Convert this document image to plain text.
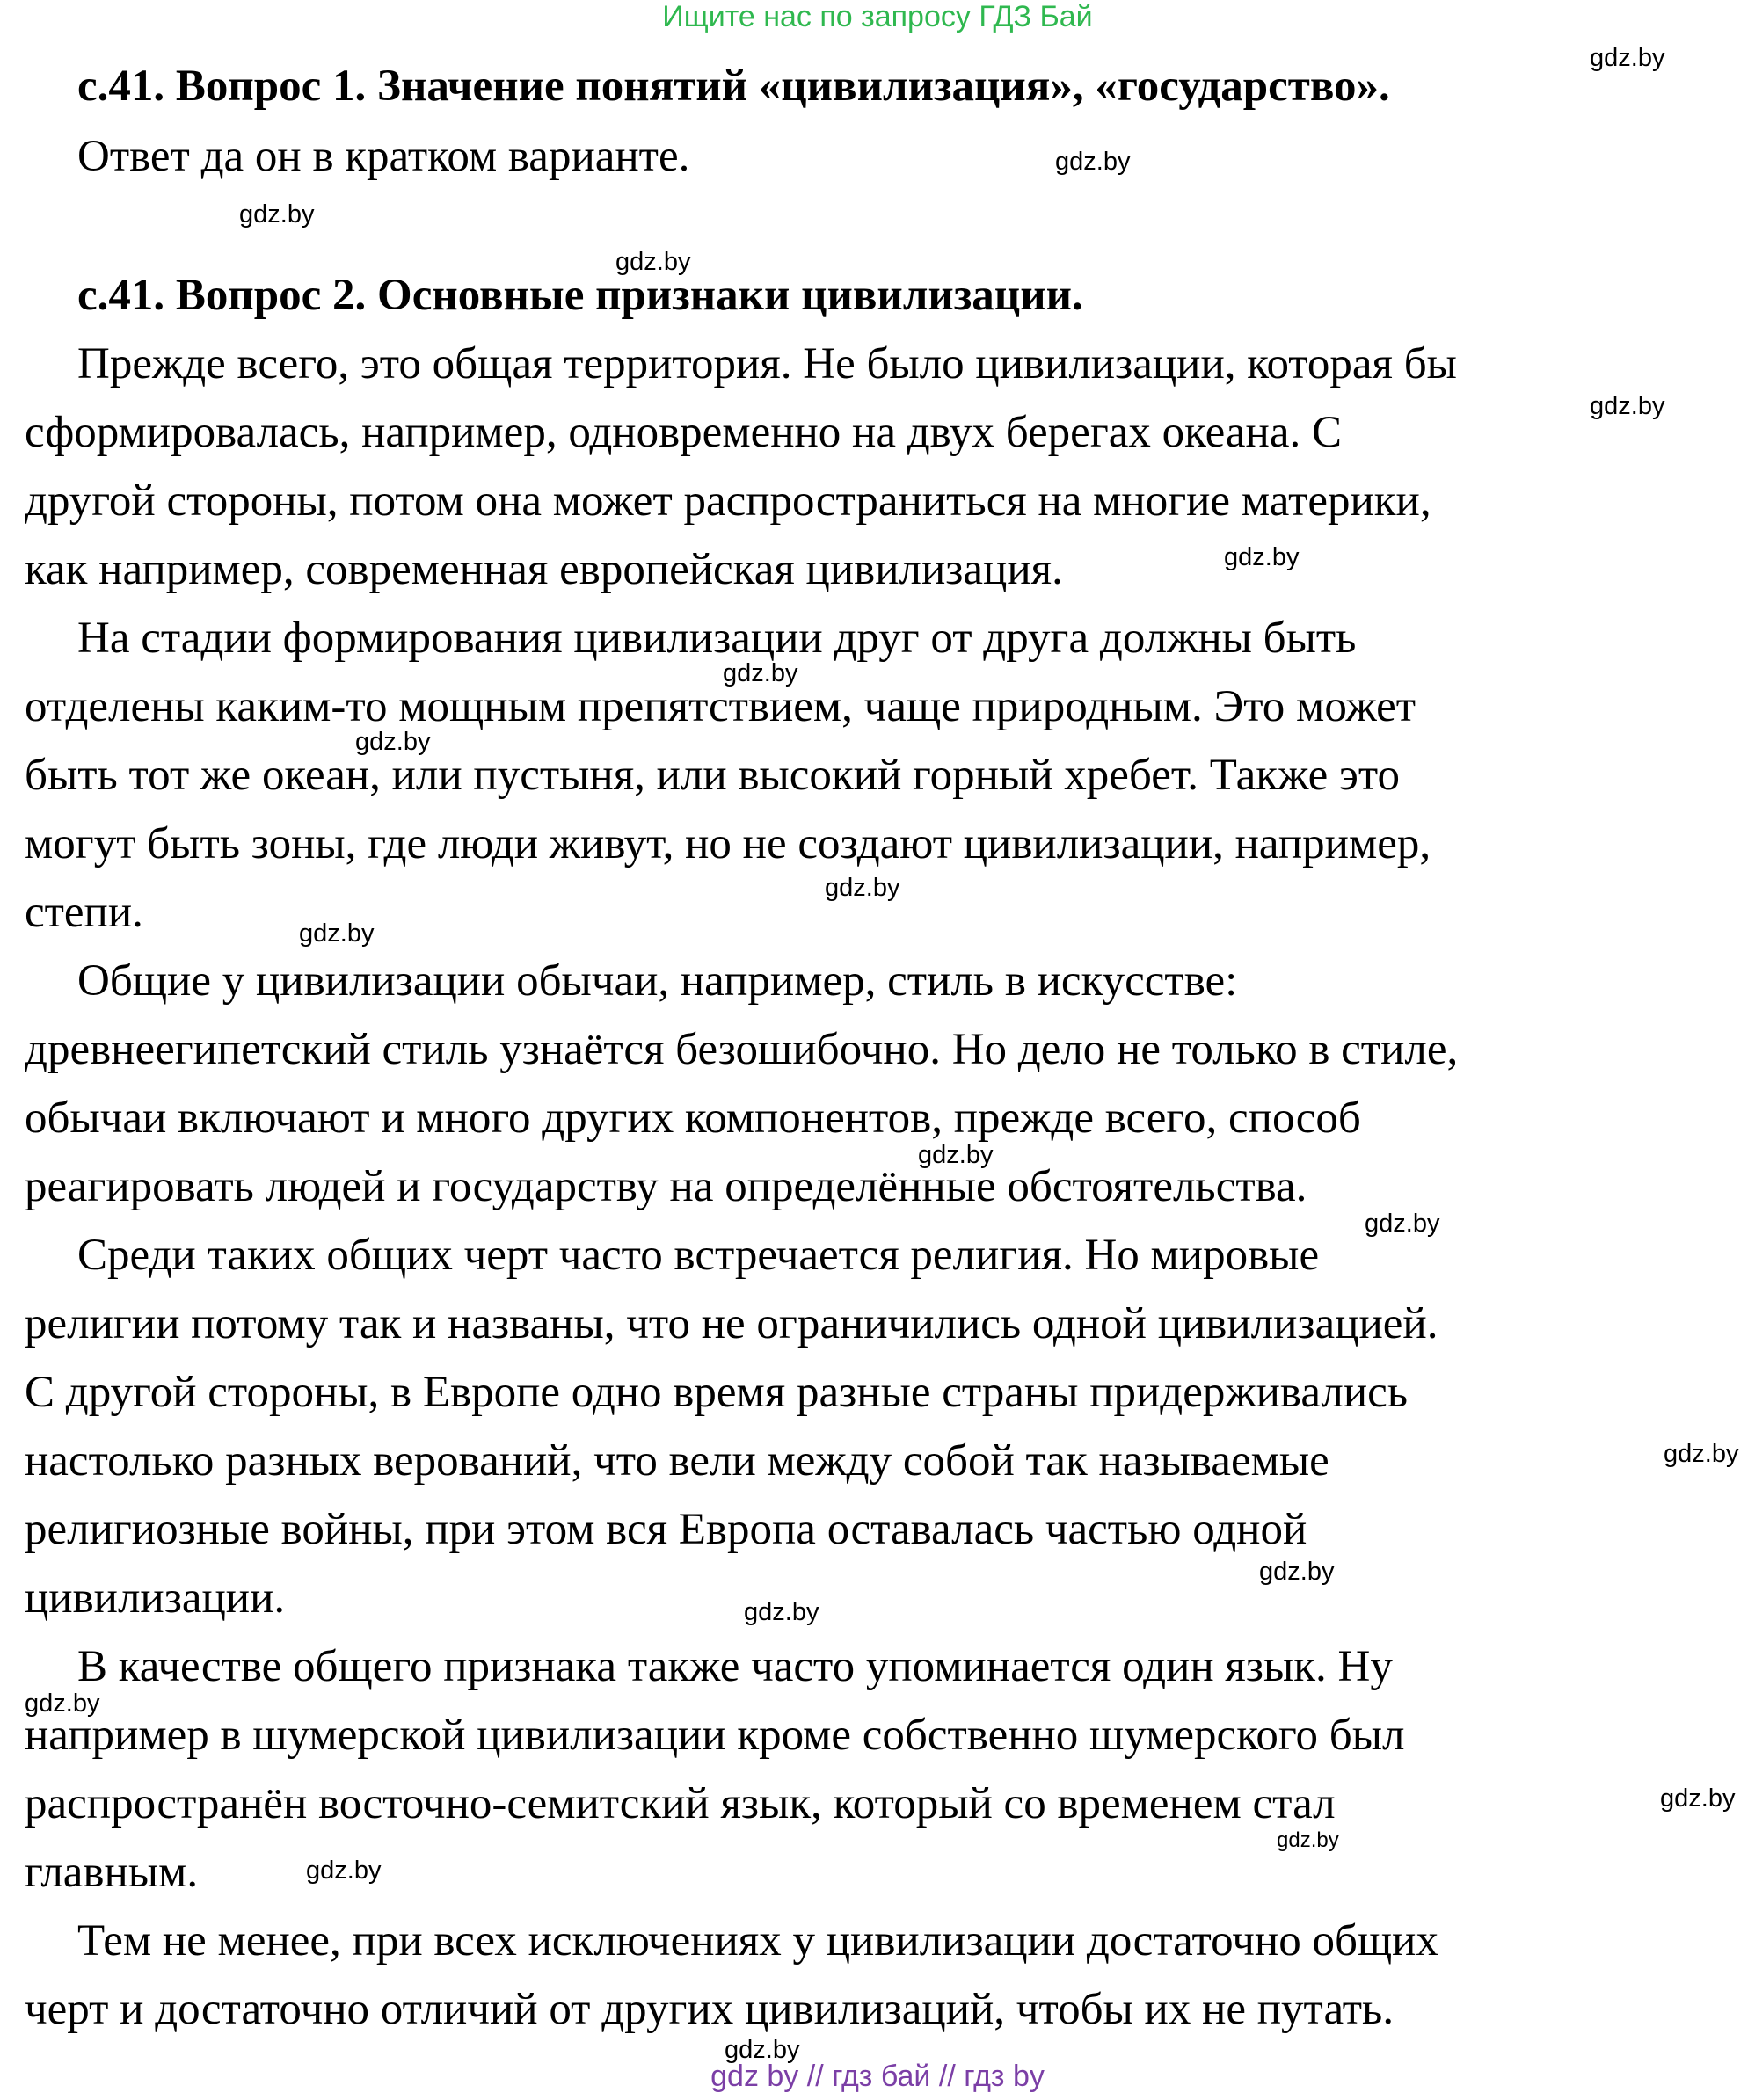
Ищите нас по запросу ГДЗ Бай
с.41. Вопрос 1. Значение понятий «цивилизация», «государство».
Ответ да он в кратком варианте.
с.41. Вопрос 2. Основные признаки цивилизации.
Прежде всего, это общая территория. Не было цивилизации, которая бы
сформировалась, например, одновременно на двух берегах океана. С
другой стороны, потом она может распространиться на многие материки,
как например, современная европейская цивилизация.
На стадии формирования цивилизации друг от друга должны быть
отделены каким-то мощным препятствием, чаще природным. Это может
быть тот же океан, или пустыня, или высокий горный хребет. Также это
могут быть зоны, где люди живут, но не создают цивилизации, например,
степи.
Общие у цивилизации обычаи, например, стиль в искусстве:
древнеегипетский стиль узнаётся безошибочно. Но дело не только в стиле,
обычаи включают и много других компонентов, прежде всего, способ
реагировать людей и государству на определённые обстоятельства.
Среди таких общих черт часто встречается религия. Но мировые
религии потому так и названы, что не ограничились одной цивилизацией.
С другой стороны, в Европе одно время разные страны придерживались
настолько разных верований, что вели между собой так называемые
религиозные войны, при этом вся Европа оставалась частью одной
цивилизации.
В качестве общего признака также часто упоминается один язык. Ну
например в шумерской цивилизации кроме собственно шумерского был
распространён восточно-семитский язык, который со временем стал
главным.
Тем не менее, при всех исключениях у цивилизации достаточно общих
черт и достаточно отличий от других цивилизаций, чтобы их не путать.
gdz.by
gdz.by
gdz.by
gdz.by
gdz.by
gdz.by
gdz.by
gdz.by
gdz.by
gdz.by
gdz.by
gdz.by
gdz.by
gdz.by
gdz.by
gdz.by
gdz.by
gdz.by
gdz.by
gdz.by
gdz by // гдз бай // гдз by
